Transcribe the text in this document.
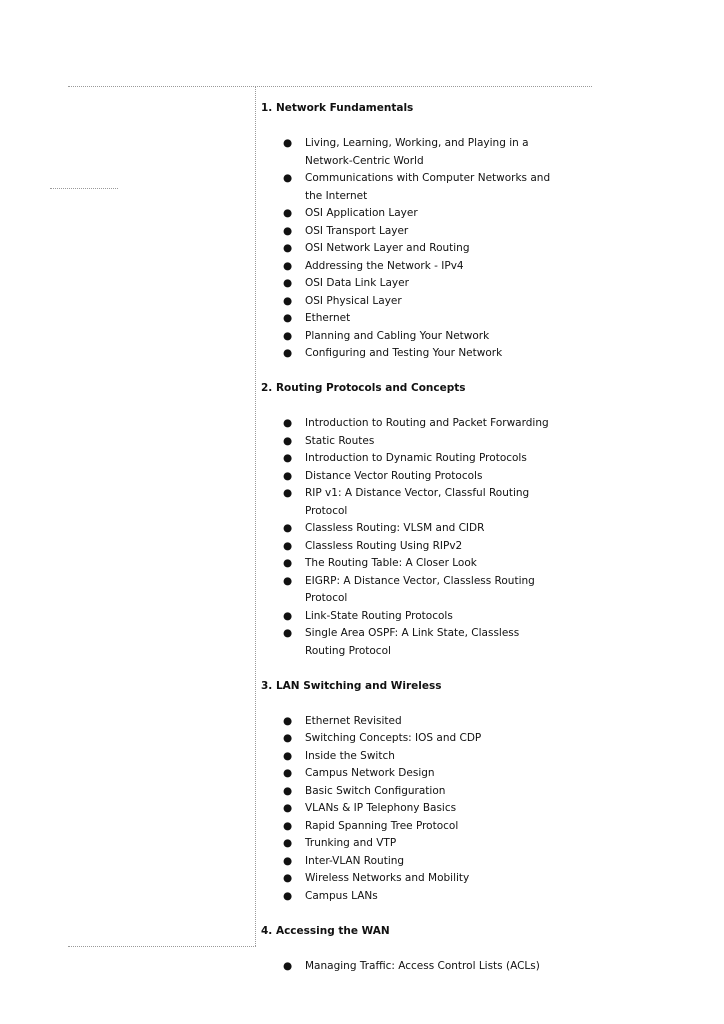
1. Network Fundamentals
● Living, Learning, Working, and Playing in a Network-Centric World
● Communications with Computer Networks and the Internet
● OSI Application Layer
● OSI Transport Layer
● OSI Network Layer and Routing
● Addressing the Network - IPv4
● OSI Data Link Layer
● OSI Physical Layer
● Ethernet
● Planning and Cabling Your Network
● Configuring and Testing Your Network
2. Routing Protocols and Concepts
● Introduction to Routing and Packet Forwarding
● Static Routes
● Introduction to Dynamic Routing Protocols
● Distance Vector Routing Protocols
● RIP v1: A Distance Vector, Classful Routing Protocol
● Classless Routing: VLSM and CIDR
● Classless Routing Using RIPv2
● The Routing Table: A Closer Look
● EIGRP: A Distance Vector, Classless Routing Protocol
● Link-State Routing Protocols
● Single Area OSPF: A Link State, Classless Routing Protocol
3. LAN Switching and Wireless
● Ethernet Revisited
● Switching Concepts: IOS and CDP
● Inside the Switch
● Campus Network Design
● Basic Switch Configuration
● VLANs & IP Telephony Basics
● Rapid Spanning Tree Protocol
● Trunking and VTP
● Inter-VLAN Routing
● Wireless Networks and Mobility
● Campus LANs
4. Accessing the WAN
● Managing Traffic: Access Control Lists (ACLs)
